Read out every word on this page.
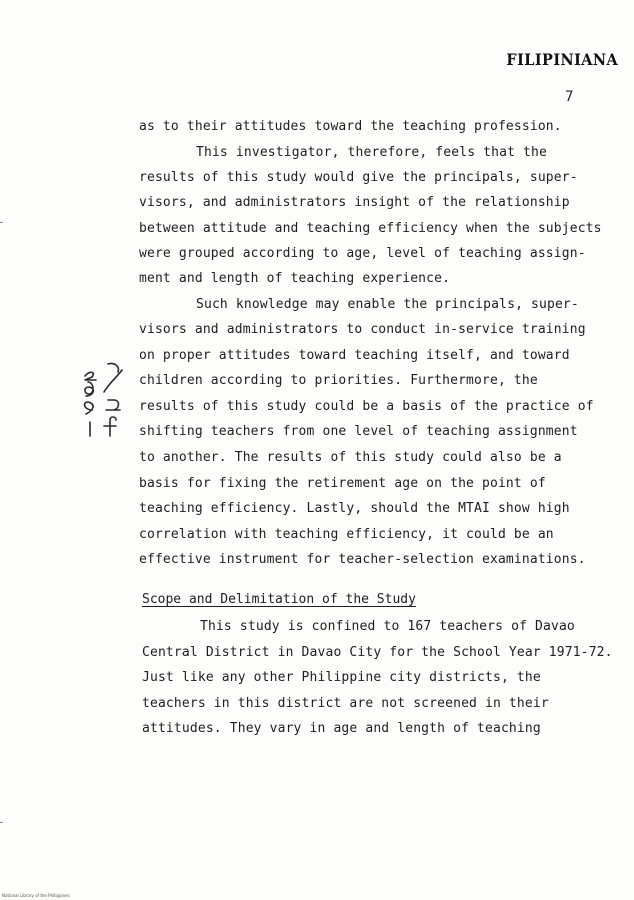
FILIPINIANA
7
as to their attitudes toward the teaching profession.
This investigator, therefore, feels that the
results of this study would give the principals, super-
visors, and administrators insight of the relationship
between attitude and teaching efficiency when the subjects
were grouped according to age, level of teaching assign-
ment and length of teaching experience.
Such knowledge may enable the principals, super-
visors and administrators to conduct in-service training
on proper attitudes toward teaching itself, and toward
children according to priorities. Furthermore, the
results of this study could be a basis of the practice of
shifting teachers from one level of teaching assignment
to another. The results of this study could also be a
basis for fixing the retirement age on the point of
teaching efficiency. Lastly, should the MTAI show high
correlation with teaching efficiency, it could be an
effective instrument for teacher-selection examinations.
Scope and Delimitation of the Study
This study is confined to 167 teachers of Davao
Central District in Davao City for the School Year 1971-72.
Just like any other Philippine city districts, the
teachers in this district are not screened in their
attitudes. They vary in age and length of teaching
National Library of the Philippines
